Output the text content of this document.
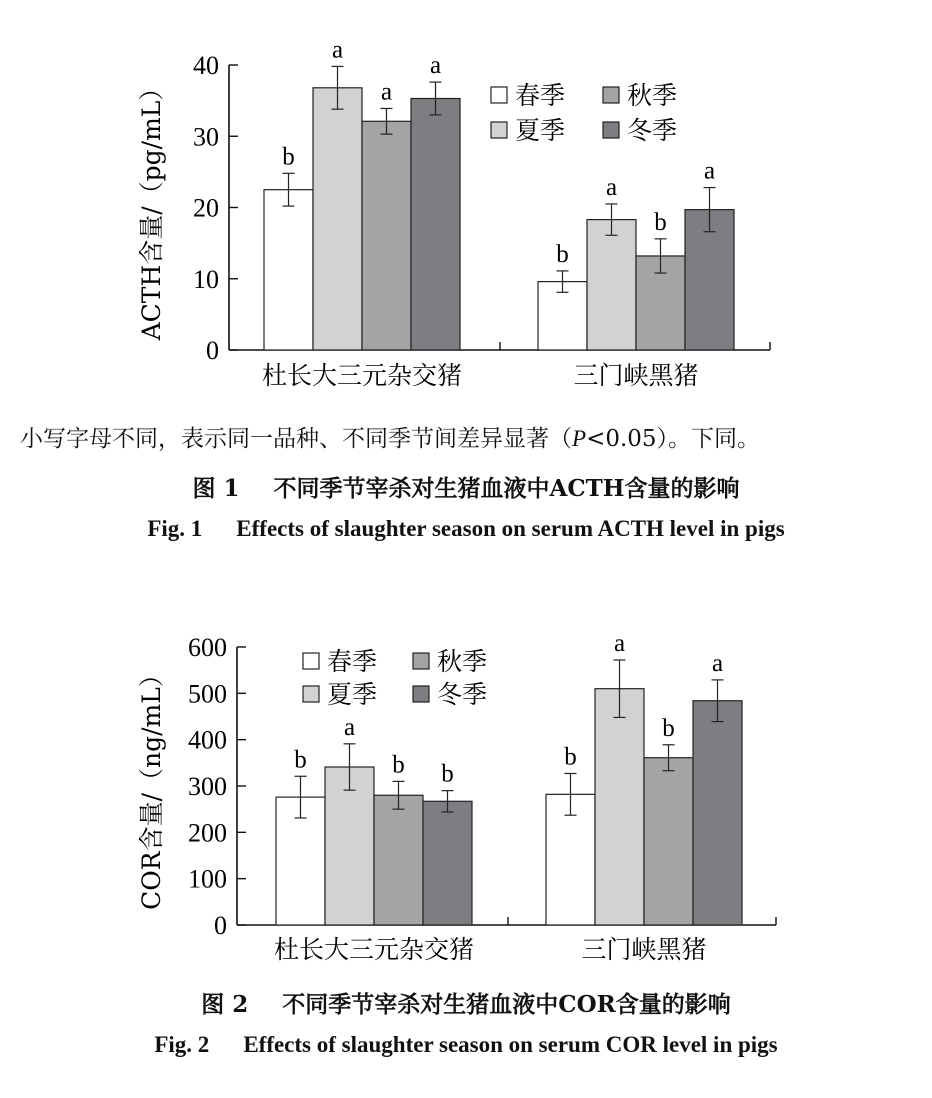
0
10
20
30
40
ACTH含量/（pg/mL）	b
a
a
a
杜长大三元杂交猪
b
a
b
a
三门峡黑猪
春季
夏季
秋季
冬季
小写字母不同，表示同一品种、不同季节间差异显著（P<0.05）。下同。
图 1 不同季节宰杀对生猪血液中ACTH含量的影响
Fig. 1 Effects of slaughter season on serum ACTH level in pigs
0
100
200
300
400
500
600
COR含量/（ng/mL）	b
a
b b
杜长大三元杂交猪
b
a
b
a
三门峡黑猪
春季
夏季
秋季
冬季
图 2 不同季节宰杀对生猪血液中COR含量的影响
Fig. 2 Effects of slaughter season on serum COR level in pigs
